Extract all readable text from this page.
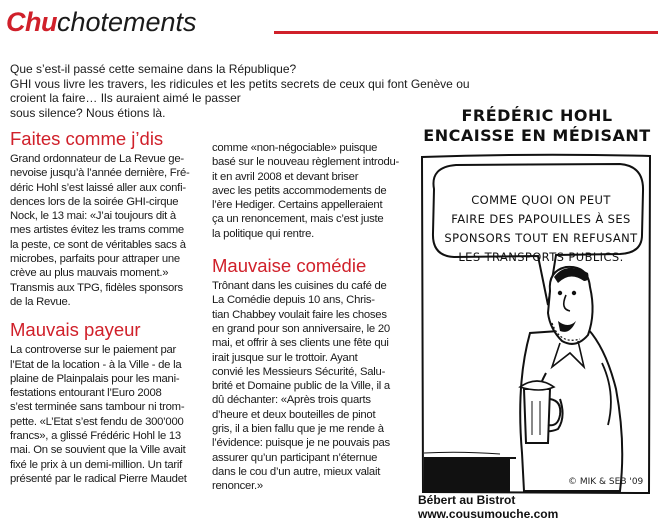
Chuchotements
Que s’est-il passé cette semaine dans la République?
GHI vous livre les travers, les ridicules et les petits secrets de ceux qui font Genève ou
croient la faire… Ils auraient aimé le passer
sous silence? Nous étions là.
Faites comme j’dis
Grand ordonnateur de La Revue ge-
nevoise jusqu’à l’année dernière, Fré-
déric Hohl s’est laissé aller aux confi-
dences lors de la soirée GHI-cirque
Nock, le 13 mai: «J’ai toujours dit à
mes artistes évitez les trams comme
la peste, ce sont de véritables sacs à
microbes, parfaits pour attraper une
crève au plus mauvais moment.»
Transmis aux TPG, fidèles sponsors
de la Revue.
Mauvais payeur
La controverse sur le paiement par
l’Etat de la location - à la Ville - de la
plaine de Plainpalais pour les mani-
festations entourant l’Euro 2008
s’est terminée sans tambour ni trom-
pette. «L’Etat s’est fendu de 300’000
francs», a glissé Frédéric Hohl le 13
mai. On se souvient que la Ville avait
fixé le prix à un demi-million. Un tarif
présenté par le radical Pierre Maudet
comme «non-négociable» puisque
basé sur le nouveau règlement introdu-
it en avril 2008 et devant briser
avec les petits accommodements de
l’ère Hediger. Certains appelleraient
ça un renoncement, mais c’est juste
la politique qui rentre.
Mauvaise comédie
Trônant dans les cuisines du café de
La Comédie depuis 10 ans, Chris-
tian Chabbey voulait faire les choses
en grand pour son anniversaire, le 20
mai, et offrir à ses clients une fête qui
irait jusque sur le trottoir. Ayant
convié les Messieurs Sécurité, Salu-
brité et Domaine public de la Ville, il a
dû déchanter: «Après trois quarts
d’heure et deux bouteilles de pinot
gris, il a bien fallu que je me rende à
l’évidence: puisque je ne pouvais pas
assurer qu’un participant n’éternue
dans le cou d’un autre, mieux valait
renoncer.»
FRÉDÉRIC HOHL
ENCAISSE EN MÉDISANT
COMME QUOI ON PEUT
FAIRE DES PAPOUILLES À SES
SPONSORS TOUT EN REFUSANT
LES TRANSPORTS PUBLICS.
© MIK & SEB '09
Bébert au Bistrot
www.cousumouche.com
